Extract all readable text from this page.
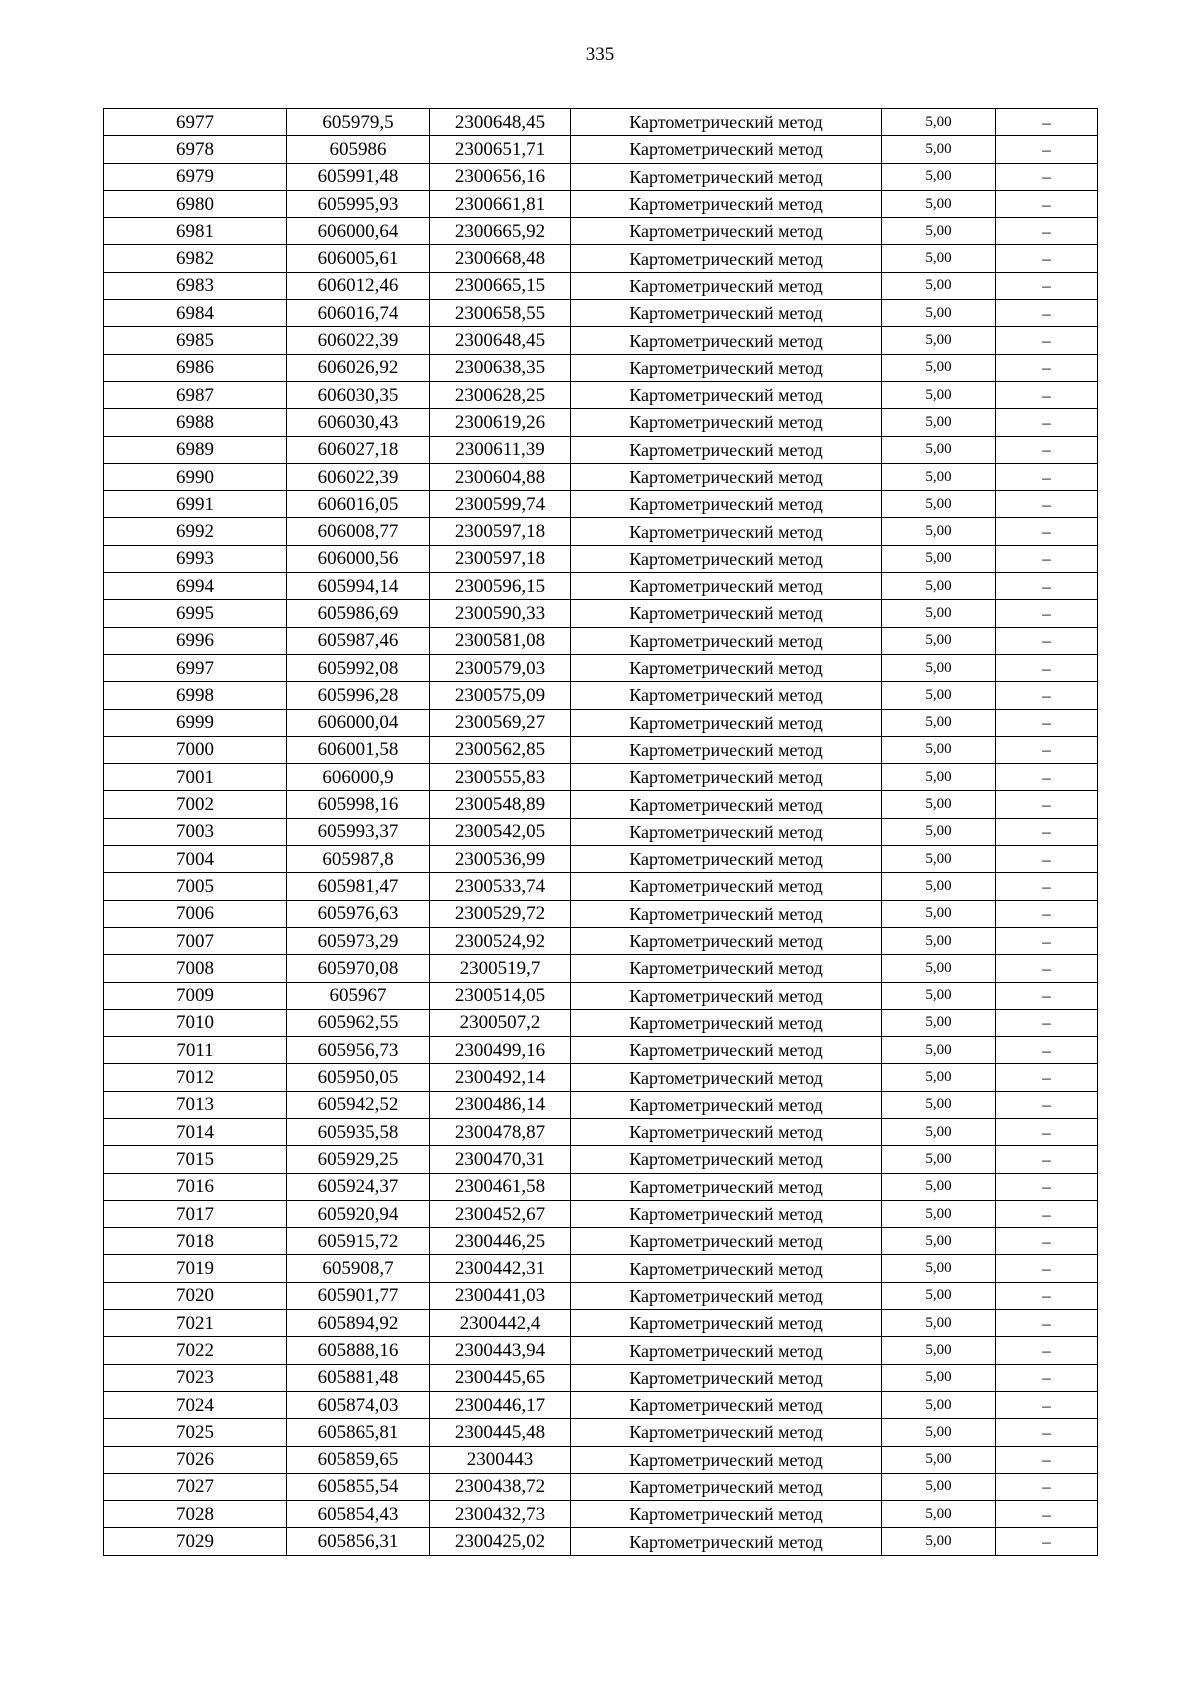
335
6977	605979,5	2300648,45	Картометрический метод	5,00	–
6978	605986	2300651,71	Картометрический метод	5,00	–
6979	605991,48	2300656,16	Картометрический метод	5,00	–
6980	605995,93	2300661,81	Картометрический метод	5,00	–
6981	606000,64	2300665,92	Картометрический метод	5,00	–
6982	606005,61	2300668,48	Картометрический метод	5,00	–
6983	606012,46	2300665,15	Картометрический метод	5,00	–
6984	606016,74	2300658,55	Картометрический метод	5,00	–
6985	606022,39	2300648,45	Картометрический метод	5,00	–
6986	606026,92	2300638,35	Картометрический метод	5,00	–
6987	606030,35	2300628,25	Картометрический метод	5,00	–
6988	606030,43	2300619,26	Картометрический метод	5,00	–
6989	606027,18	2300611,39	Картометрический метод	5,00	–
6990	606022,39	2300604,88	Картометрический метод	5,00	–
6991	606016,05	2300599,74	Картометрический метод	5,00	–
6992	606008,77	2300597,18	Картометрический метод	5,00	–
6993	606000,56	2300597,18	Картометрический метод	5,00	–
6994	605994,14	2300596,15	Картометрический метод	5,00	–
6995	605986,69	2300590,33	Картометрический метод	5,00	–
6996	605987,46	2300581,08	Картометрический метод	5,00	–
6997	605992,08	2300579,03	Картометрический метод	5,00	–
6998	605996,28	2300575,09	Картометрический метод	5,00	–
6999	606000,04	2300569,27	Картометрический метод	5,00	–
7000	606001,58	2300562,85	Картометрический метод	5,00	–
7001	606000,9	2300555,83	Картометрический метод	5,00	–
7002	605998,16	2300548,89	Картометрический метод	5,00	–
7003	605993,37	2300542,05	Картометрический метод	5,00	–
7004	605987,8	2300536,99	Картометрический метод	5,00	–
7005	605981,47	2300533,74	Картометрический метод	5,00	–
7006	605976,63	2300529,72	Картометрический метод	5,00	–
7007	605973,29	2300524,92	Картометрический метод	5,00	–
7008	605970,08	2300519,7	Картометрический метод	5,00	–
7009	605967	2300514,05	Картометрический метод	5,00	–
7010	605962,55	2300507,2	Картометрический метод	5,00	–
7011	605956,73	2300499,16	Картометрический метод	5,00	–
7012	605950,05	2300492,14	Картометрический метод	5,00	–
7013	605942,52	2300486,14	Картометрический метод	5,00	–
7014	605935,58	2300478,87	Картометрический метод	5,00	–
7015	605929,25	2300470,31	Картометрический метод	5,00	–
7016	605924,37	2300461,58	Картометрический метод	5,00	–
7017	605920,94	2300452,67	Картометрический метод	5,00	–
7018	605915,72	2300446,25	Картометрический метод	5,00	–
7019	605908,7	2300442,31	Картометрический метод	5,00	–
7020	605901,77	2300441,03	Картометрический метод	5,00	–
7021	605894,92	2300442,4	Картометрический метод	5,00	–
7022	605888,16	2300443,94	Картометрический метод	5,00	–
7023	605881,48	2300445,65	Картометрический метод	5,00	–
7024	605874,03	2300446,17	Картометрический метод	5,00	–
7025	605865,81	2300445,48	Картометрический метод	5,00	–
7026	605859,65	2300443	Картометрический метод	5,00	–
7027	605855,54	2300438,72	Картометрический метод	5,00	–
7028	605854,43	2300432,73	Картометрический метод	5,00	–
7029	605856,31	2300425,02	Картометрический метод	5,00	–
